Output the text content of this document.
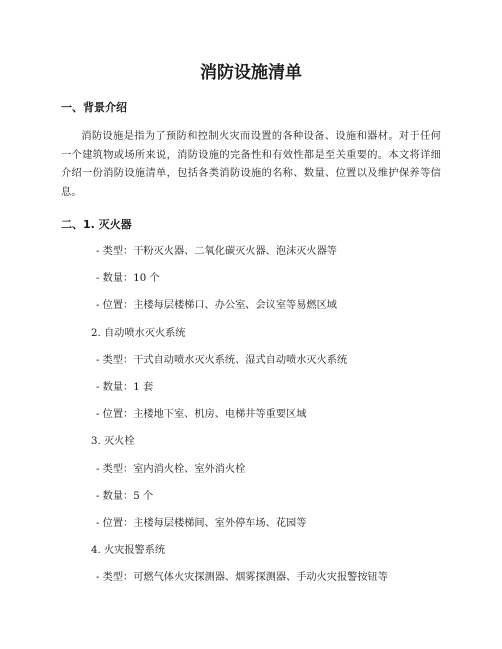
消防设施清单
一、背景介绍

消防设施是指为了预防和控制火灾而设置的各种设备、设施和器材。对于任何一个建筑物或场所来说，消防设施的完备性和有效性都是至关重要的。本文将详细介绍一份消防设施清单，包括各类消防设施的名称、数量、位置以及维护保养等信息。

二、1. 灭火器

- 类型：干粉灭火器、二氧化碳灭火器、泡沫灭火器等

- 数量：10 个

- 位置：主楼每层楼梯口、办公室、会议室等易燃区域

2. 自动喷水灭火系统

- 类型：干式自动喷水灭火系统、湿式自动喷水灭火系统

- 数量：1 套

- 位置：主楼地下室、机房、电梯井等重要区域

3. 灭火栓

- 类型：室内消火栓、室外消火栓

- 数量：5 个

- 位置：主楼每层楼梯间、室外停车场、花园等

4. 火灾报警系统

- 类型：可燃气体火灾探测器、烟雾探测器、手动火灾报警按钮等
